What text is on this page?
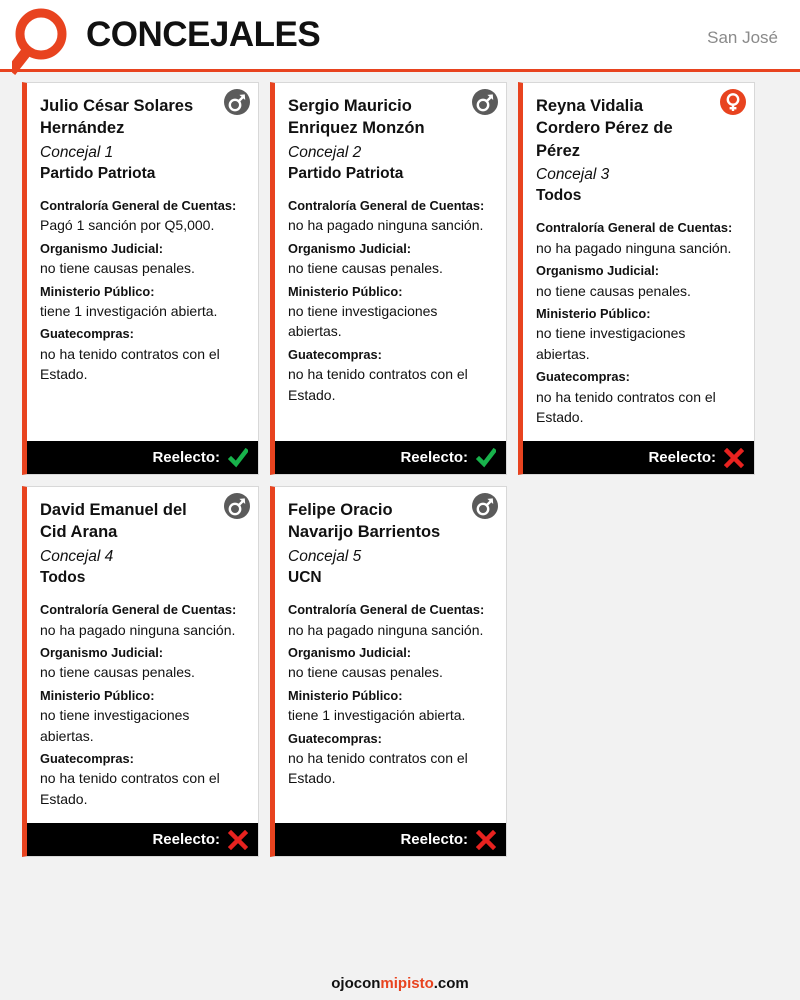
CONCEJALES	San José
Julio César Solares Hernández
Concejal 1
Partido Patriota
Contraloría General de Cuentas:
Pagó 1 sanción por Q5,000.
Organismo Judicial:
no tiene causas penales.
Ministerio Público:
tiene 1 investigación abierta.
Guatecompras:
no ha tenido contratos con el Estado.
Reelecto:
Sergio Mauricio Enriquez Monzón
Concejal 2
Partido Patriota
Contraloría General de Cuentas:
no ha pagado ninguna sanción.
Organismo Judicial:
no tiene causas penales.
Ministerio Público:
no tiene investigaciones abiertas.
Guatecompras:
no ha tenido contratos con el Estado.
Reelecto:
Reyna Vidalia Cordero Pérez de Pérez
Concejal 3
Todos
Contraloría General de Cuentas:
no ha pagado ninguna sanción.
Organismo Judicial:
no tiene causas penales.
Ministerio Público:
no tiene investigaciones abiertas.
Guatecompras:
no ha tenido contratos con el Estado.
Reelecto:
David Emanuel del Cid Arana
Concejal 4
Todos
Contraloría General de Cuentas:
no ha pagado ninguna sanción.
Organismo Judicial:
no tiene causas penales.
Ministerio Público:
no tiene investigaciones abiertas.
Guatecompras:
no ha tenido contratos con el Estado.
Reelecto:
Felipe Oracio Navarijo Barrientos
Concejal 5
UCN
Contraloría General de Cuentas:
no ha pagado ninguna sanción.
Organismo Judicial:
no tiene causas penales.
Ministerio Público:
tiene 1 investigación abierta.
Guatecompras:
no ha tenido contratos con el Estado.
Reelecto:
ojoconmipisto.com
